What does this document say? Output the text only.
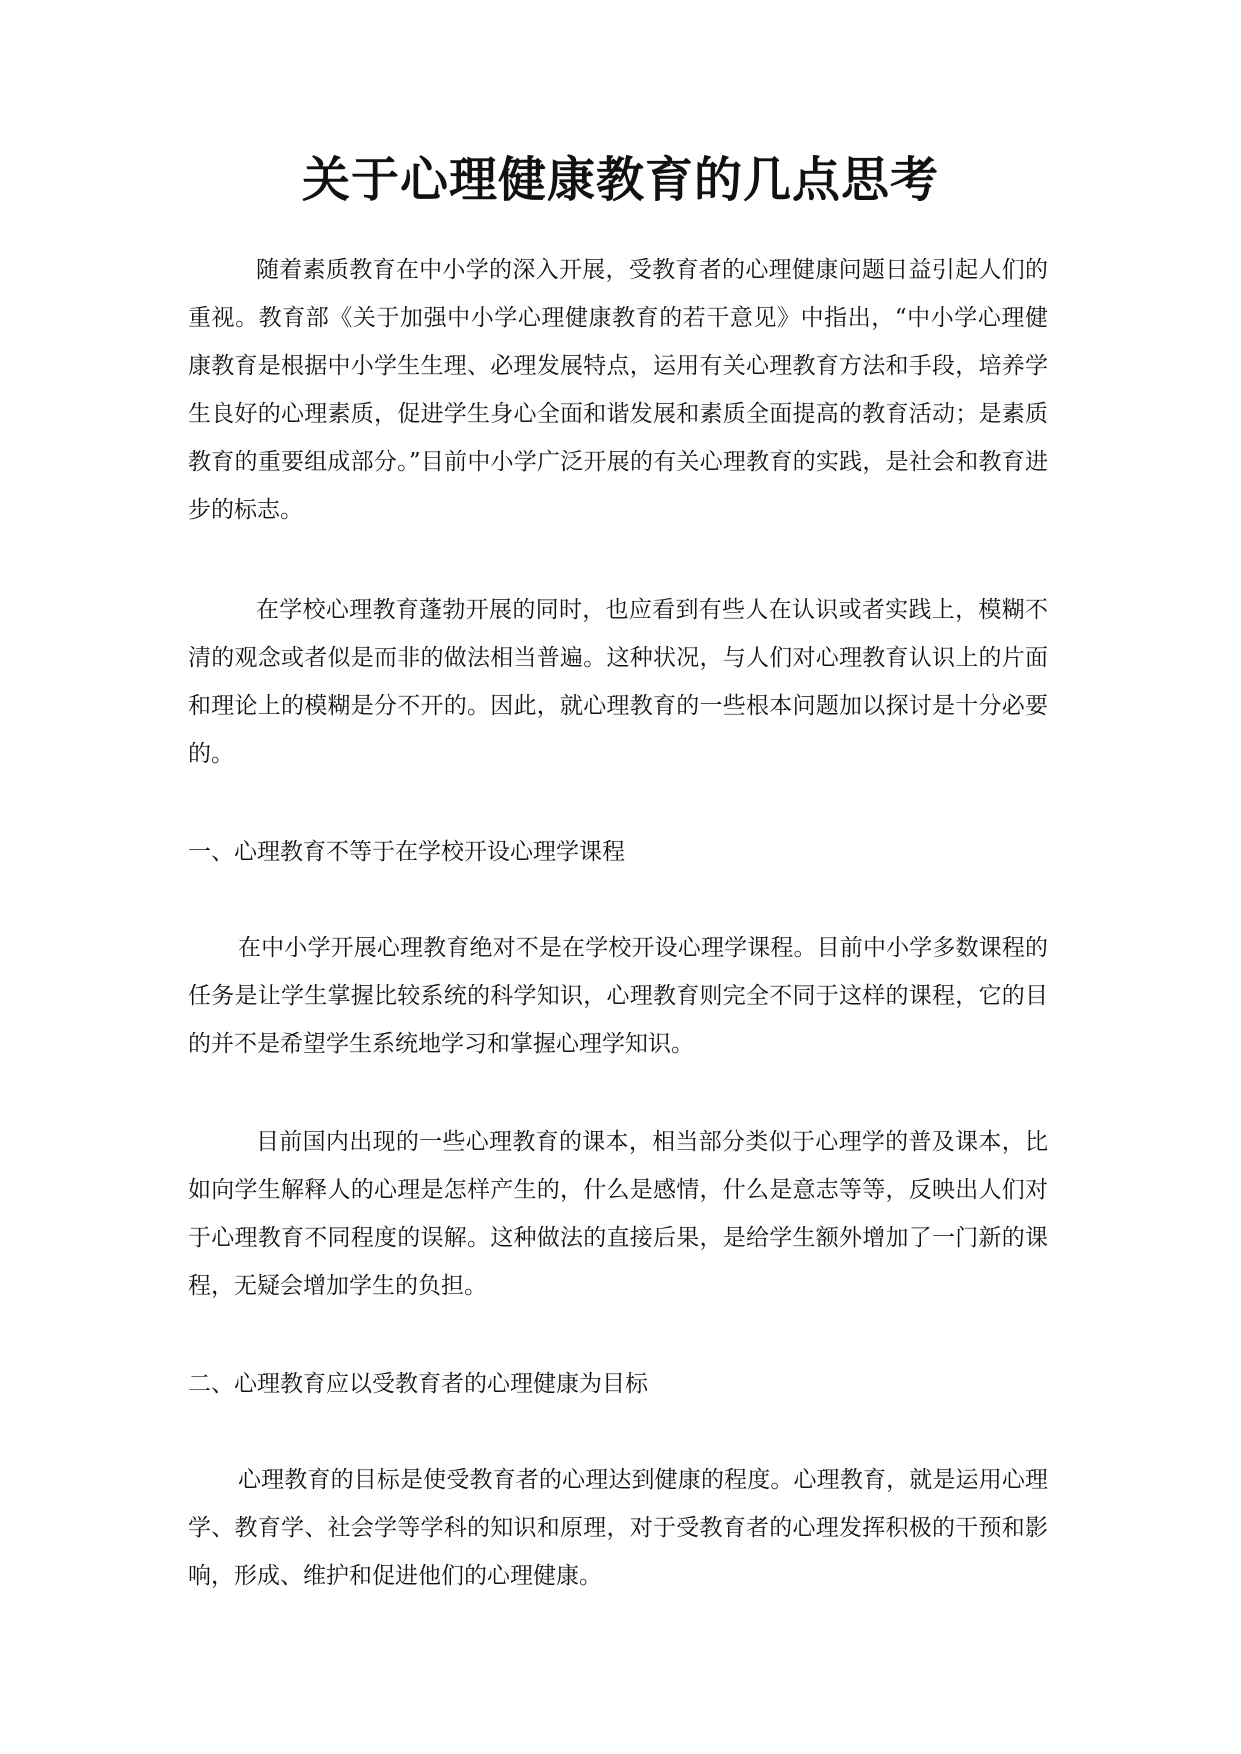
关于心理健康教育的几点思考

随着素质教育在中小学的深入开展，受教育者的心理健康问题日益引起人们的重视。教育部《关于加强中小学心理健康教育的若干意见》中指出，“中小学心理健康教育是根据中小学生生理、必理发展特点，运用有关心理教育方法和手段，培养学生良好的心理素质，促进学生身心全面和谐发展和素质全面提高的教育活动；是素质教育的重要组成部分。”目前中小学广泛开展的有关心理教育的实践，是社会和教育进步的标志。

在学校心理教育蓬勃开展的同时，也应看到有些人在认识或者实践上，模糊不清的观念或者似是而非的做法相当普遍。这种状况，与人们对心理教育认识上的片面和理论上的模糊是分不开的。因此，就心理教育的一些根本问题加以探讨是十分必要的。

一、心理教育不等于在学校开设心理学课程

在中小学开展心理教育绝对不是在学校开设心理学课程。目前中小学多数课程的任务是让学生掌握比较系统的科学知识，心理教育则完全不同于这样的课程，它的目的并不是希望学生系统地学习和掌握心理学知识。

目前国内出现的一些心理教育的课本，相当部分类似于心理学的普及课本，比如向学生解释人的心理是怎样产生的，什么是感情，什么是意志等等，反映出人们对于心理教育不同程度的误解。这种做法的直接后果，是给学生额外增加了一门新的课程，无疑会增加学生的负担。

二、心理教育应以受教育者的心理健康为目标

心理教育的目标是使受教育者的心理达到健康的程度。心理教育，就是运用心理学、教育学、社会学等学科的知识和原理，对于受教育者的心理发挥积极的干预和影响，形成、维护和促进他们的心理健康。
